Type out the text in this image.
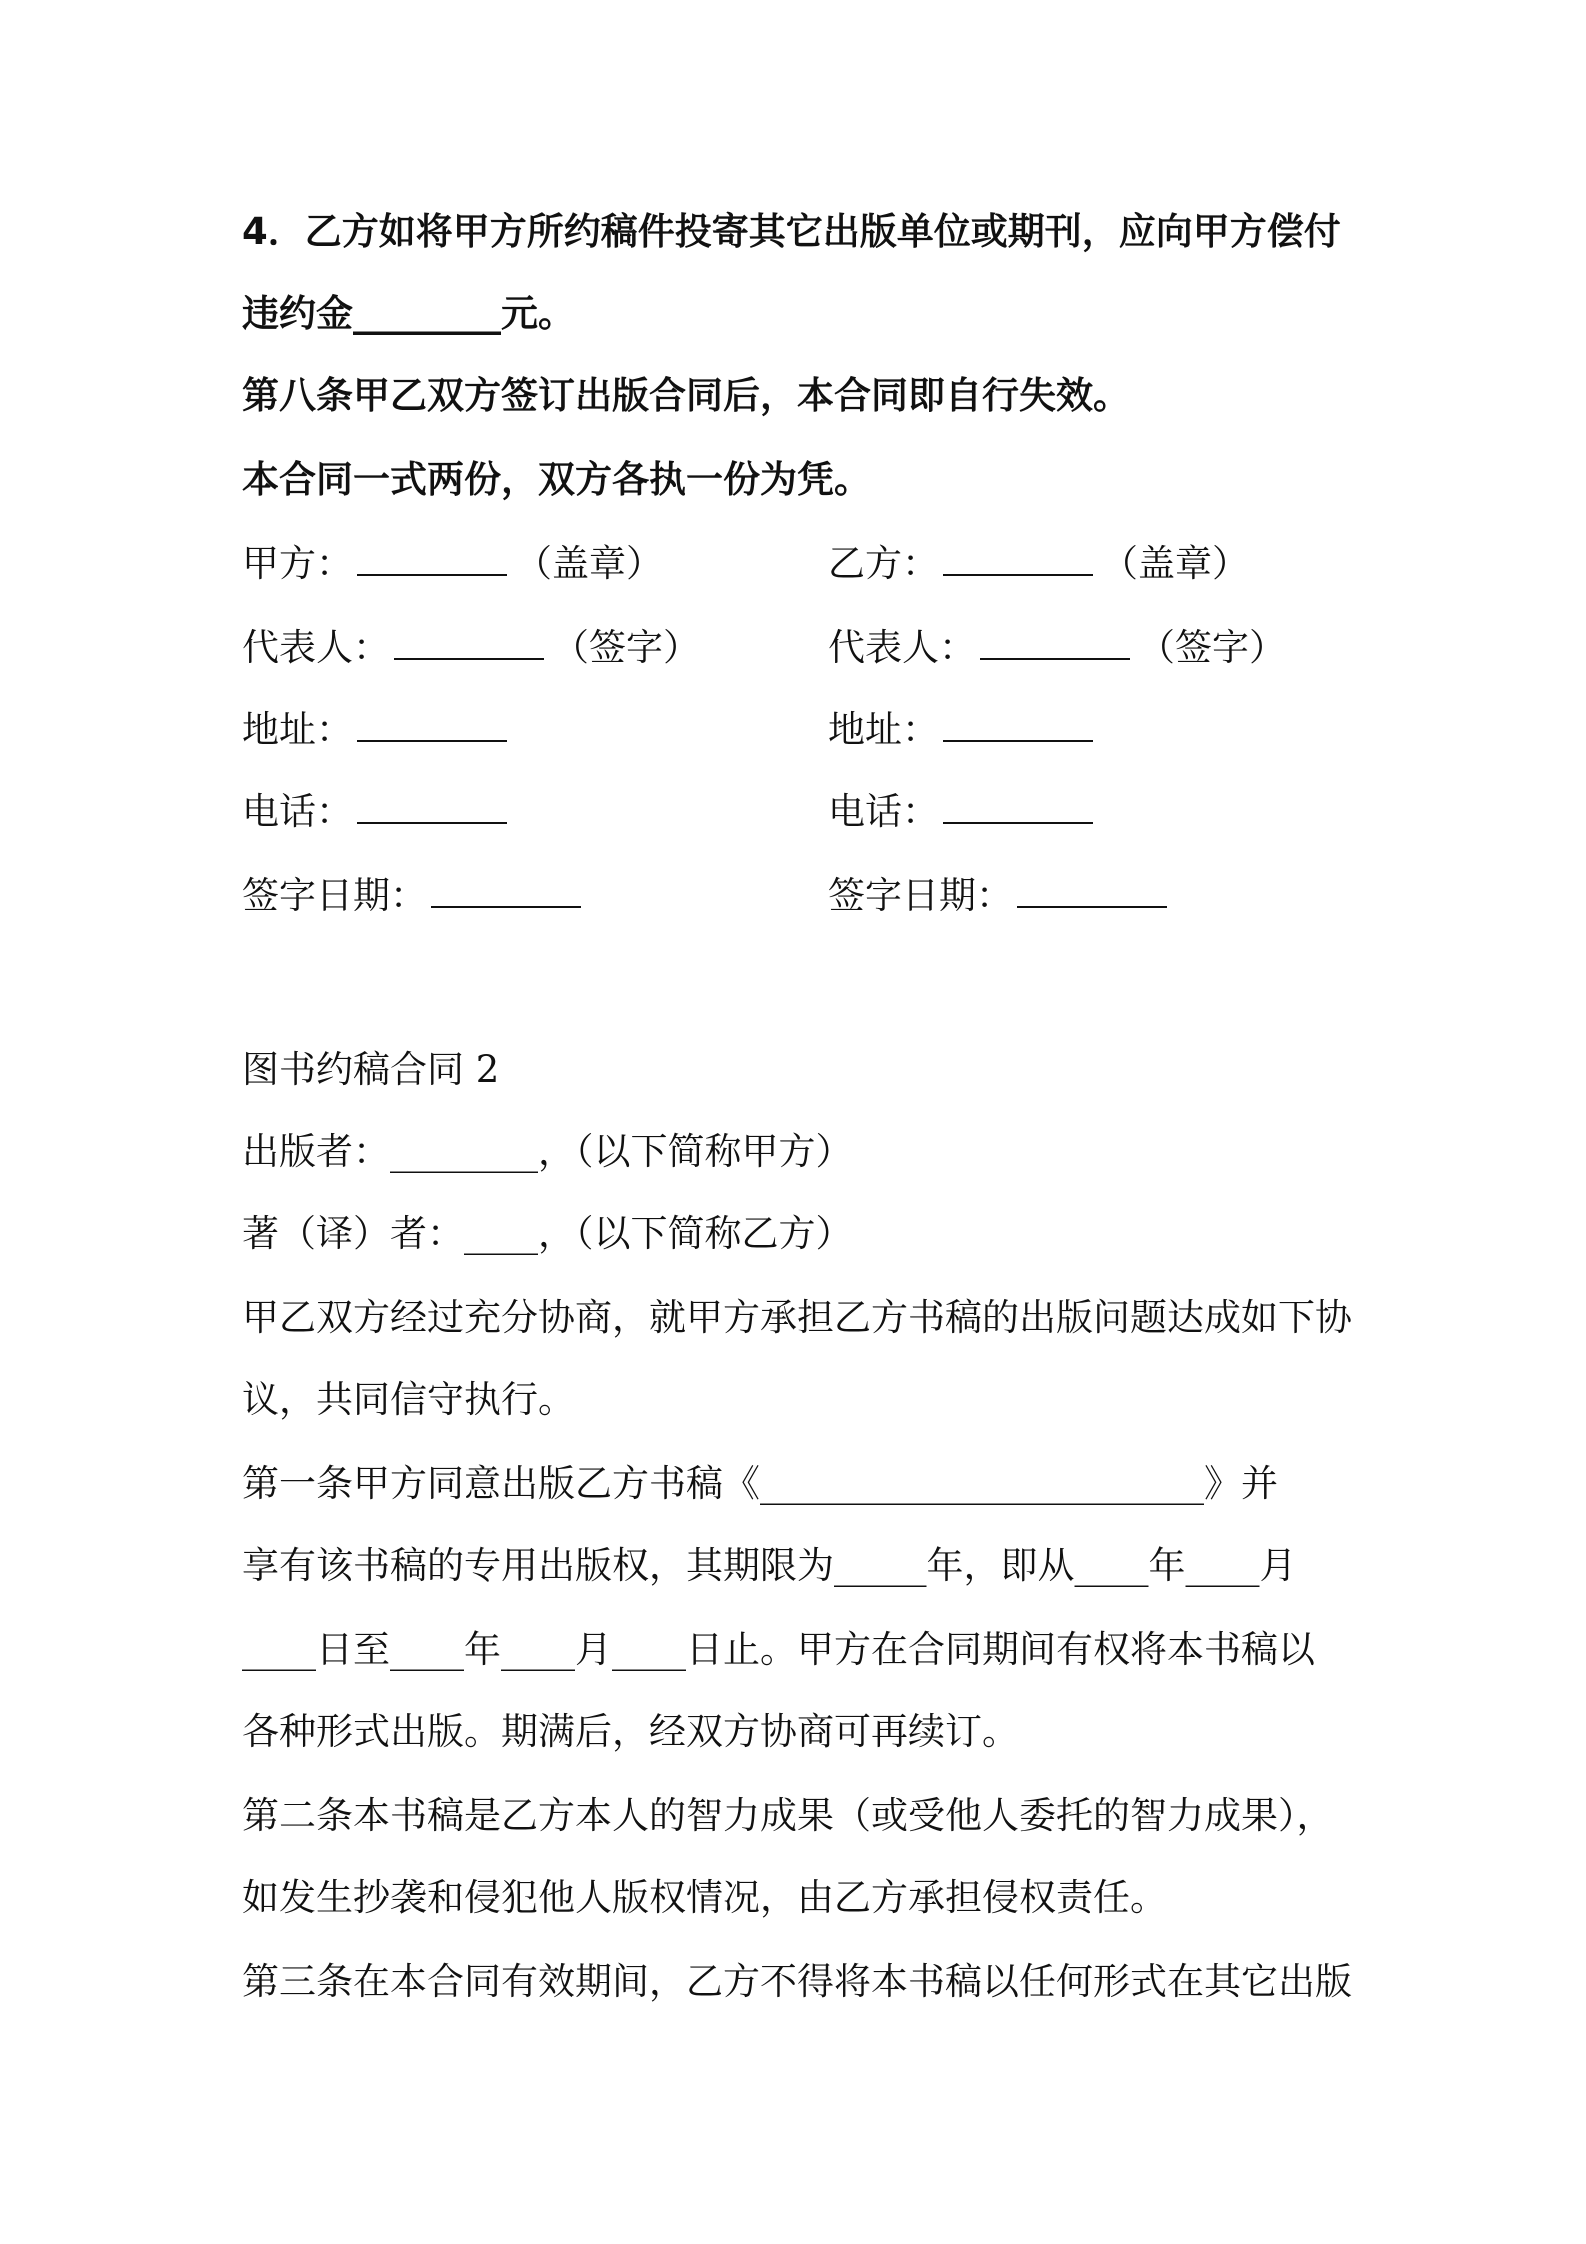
4．乙方如将甲方所约稿件投寄其它出版单位或期刊，应向甲方偿付
违约金________元。
第八条甲乙双方签订出版合同后，本合同即自行失效。
本合同一式两份，双方各执一份为凭。
甲方：	（盖章）	乙方：	（盖章）
代表人：	（签字）	代表人：	（签字）
地址：	地址：
电话：	电话：
签字日期：	签字日期：
图书约稿合同 2
出版者：________，（以下简称甲方）
著（译）者：____，（以下简称乙方）
甲乙双方经过充分协商，就甲方承担乙方书稿的出版问题达成如下协
议，共同信守执行。
第一条甲方同意出版乙方书稿《________________________》并
享有该书稿的专用出版权，其期限为_____年，即从____年____月
____日至____年____月____日止。甲方在合同期间有权将本书稿以
各种形式出版。期满后，经双方协商可再续订。
第二条本书稿是乙方本人的智力成果（或受他人委托的智力成果），
如发生抄袭和侵犯他人版权情况，由乙方承担侵权责任。
第三条在本合同有效期间，乙方不得将本书稿以任何形式在其它出版
